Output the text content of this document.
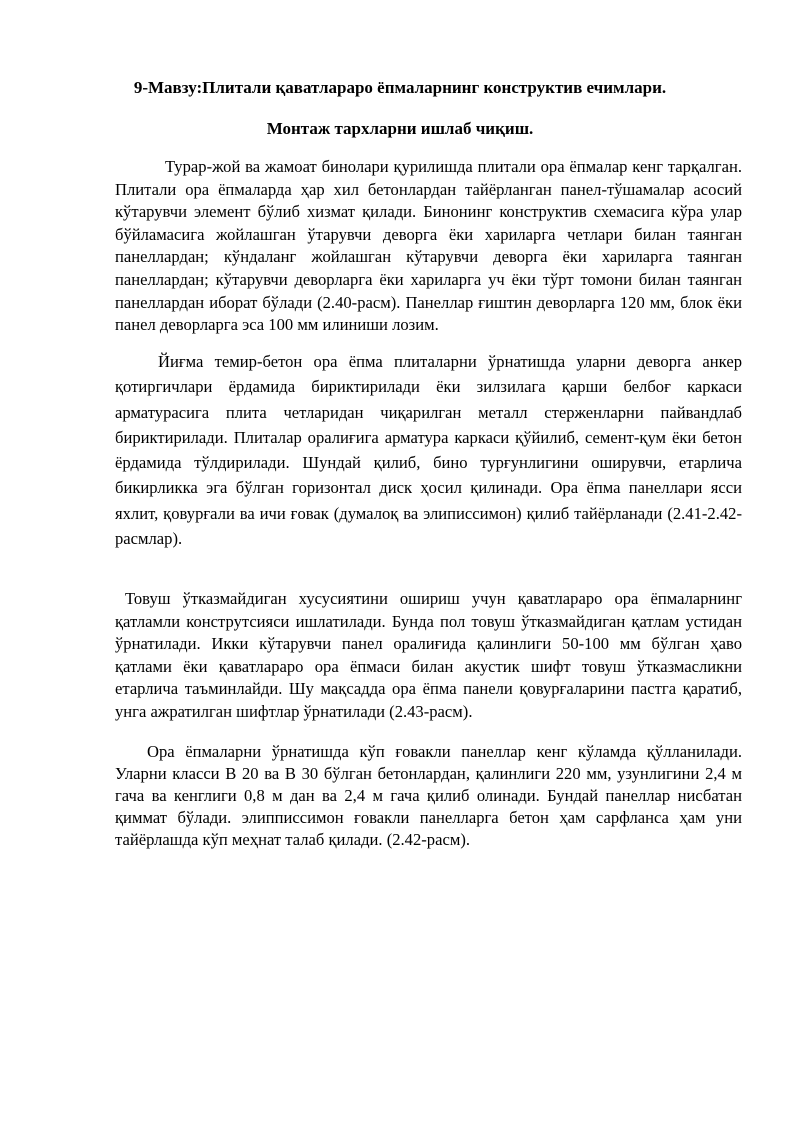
9-Мавзу:Плитали қаватлараро ёпмаларнинг конструктив ечимлари.
Монтаж тархларни ишлаб чиқиш.

Турар-жой ва жамоат бинолари қурилишда плитали ора ёпмалар кенг тарқалган. Плитали ора ёпмаларда ҳар хил бетонлардан тайёрланган панел-тўшамалар асосий кўтарувчи элемент бўлиб хизмат қилади. Бинонинг конструктив схемасига кўра улар бўйламасига жойлашган ўтарувчи деворга ёки хариларга четлари билан таянган панеллардан; кўндаланг жойлашган кўтарувчи деворга ёки хариларга таянган панеллардан; кўтарувчи деворларга ёки хариларга уч ёки тўрт томони билан таянган панеллардан иборат бўлади (2.40-расм). Панеллар ғиштин деворларга 120 мм, блок ёки панел деворларга эса 100 мм илиниши лозим.

Йиғма темир-бетон ора ёпма плиталарни ўрнатишда уларни деворга анкер қотиргичлари ёрдамида бириктирилади ёки зилзилага қарши белбоғ каркаси арматурасига плита четларидан чиқарилган металл стерженларни пайвандлаб бириктирилади. Плиталар оралиғига арматура каркаси қўйилиб, семент-қум ёки бетон ёрдамида тўлдирилади. Шундай қилиб, бино турғунлигини оширувчи, етарлича бикирликка эга бўлган горизонтал диск ҳосил қилинади. Ора ёпма панеллари ясси яхлит, қовурғали ва ичи ғовак (думалоқ ва элиписсимон) қилиб тайёрланади (2.41-2.42- расмлар).

Товуш ўтказмайдиган хусусиятини ошириш учун қаватлараро ора ёпмаларнинг қатламли конструтсияси ишлатилади. Бунда пол товуш ўтказмайдиган қатлам устидан ўрнатилади. Икки кўтарувчи панел оралиғида қалинлиги 50-100 мм бўлган ҳаво қатлами ёки қаватлараро ора ёпмаси билан акустик шифт товуш ўтказмасликни етарлича таъминлайди. Шу мақсадда ора ёпма панели қовурғаларини пастга қаратиб, унга ажратилган шифтлар ўрнатилади (2.43-расм).

Ора ёпмаларни ўрнатишда кўп ғовакли панеллар кенг кўламда қўлланилади. Уларни класси В 20 ва В 30 бўлган бетонлардан, қалинлиги 220 мм, узунлигини 2,4 м гача ва кенглиги 0,8 м дан ва 2,4 м гача қилиб олинади. Бундай панеллар нисбатан қиммат бўлади. элипписсимон ғовакли панелларга бетон ҳам сарфланса ҳам уни тайёрлашда кўп меҳнат талаб қилади. (2.42-расм).
